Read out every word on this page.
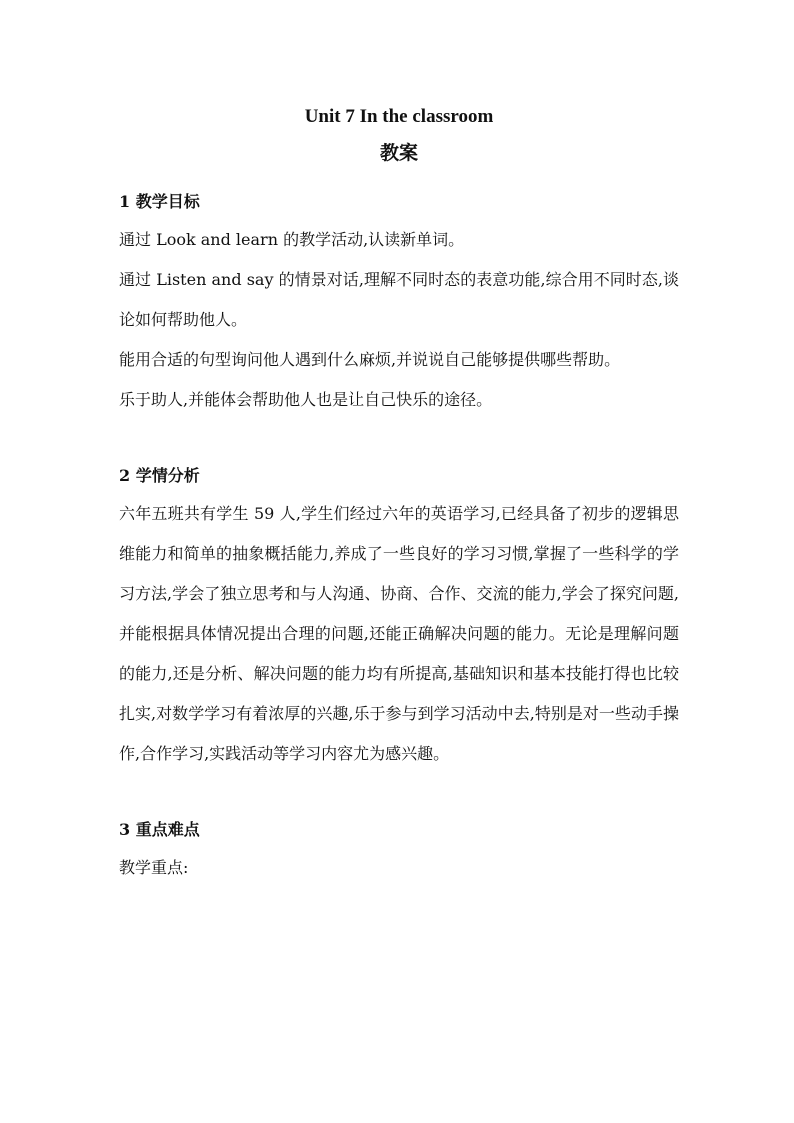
Unit 7 In the classroom
教案
1 教学目标

通过 Look and learn 的教学活动,认读新单词。

通过 Listen and say 的情景对话,理解不同时态的表意功能,综合用不同时态,谈论如何帮助他人。

能用合适的句型询问他人遇到什么麻烦,并说说自己能够提供哪些帮助。

乐于助人,并能体会帮助他人也是让自己快乐的途径。

2 学情分析

六年五班共有学生 59 人,学生们经过六年的英语学习,已经具备了初步的逻辑思维能力和简单的抽象概括能力,养成了一些良好的学习习惯,掌握了一些科学的学习方法,学会了独立思考和与人沟通、协商、合作、交流的能力,学会了探究问题,并能根据具体情况提出合理的问题,还能正确解决问题的能力。无论是理解问题的能力,还是分析、解决问题的能力均有所提高,基础知识和基本技能打得也比较扎实,对数学学习有着浓厚的兴趣,乐于参与到学习活动中去,特别是对一些动手操作,合作学习,实践活动等学习内容尤为感兴趣。

3 重点难点

教学重点:
